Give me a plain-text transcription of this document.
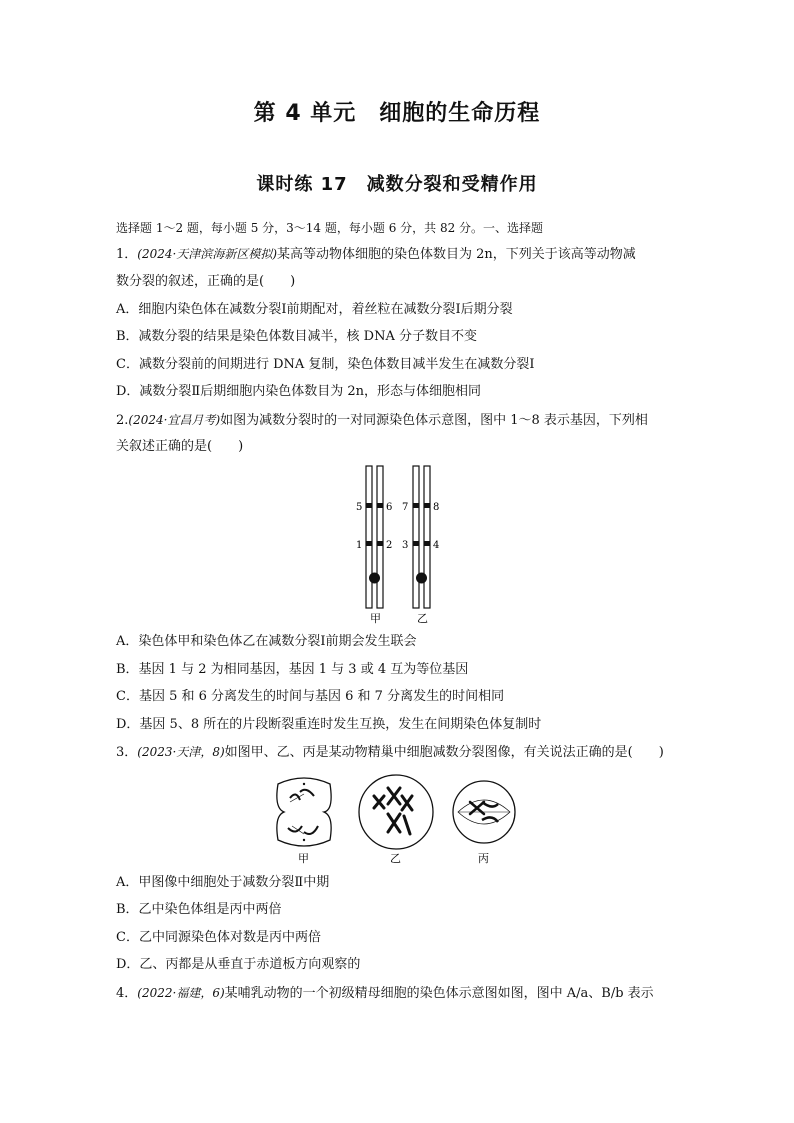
第 4 单元　细胞的生命历程
课时练 17　减数分裂和受精作用
选择题 1～2 题，每小题 5 分，3～14 题，每小题 6 分，共 82 分。一、选择题
1．(2024·天津滨海新区模拟)某高等动物体细胞的染色体数目为 2n，下列关于该高等动物减
数分裂的叙述，正确的是(　　)
A．细胞内染色体在减数分裂Ⅰ前期配对，着丝粒在减数分裂Ⅰ后期分裂
B．减数分裂的结果是染色体数目减半，核 DNA 分子数目不变
C．减数分裂前的间期进行 DNA 复制，染色体数目减半发生在减数分裂Ⅰ
D．减数分裂Ⅱ后期细胞内染色体数目为 2n，形态与体细胞相同
2.(2024·宜昌月考)如图为减数分裂时的一对同源染色体示意图，图中 1～8 表示基因，下列相
关叙述正确的是(　　)
5 6 7 8
1 2 3 4
甲	乙
A．染色体甲和染色体乙在减数分裂Ⅰ前期会发生联会
B．基因 1 与 2 为相同基因，基因 1 与 3 或 4 互为等位基因
C．基因 5 和 6 分离发生的时间与基因 6 和 7 分离发生的时间相同
D．基因 5、8 所在的片段断裂重连时发生互换，发生在间期染色体复制时
3．(2023·天津，8)如图甲、乙、丙是某动物精巢中细胞减数分裂图像，有关说法正确的是(　　)
甲	乙	丙
A．甲图像中细胞处于减数分裂Ⅱ中期
B．乙中染色体组是丙中两倍
C．乙中同源染色体对数是丙中两倍
D．乙、丙都是从垂直于赤道板方向观察的
4．(2022·福建，6)某哺乳动物的一个初级精母细胞的染色体示意图如图，图中 A/a、B/b 表示
